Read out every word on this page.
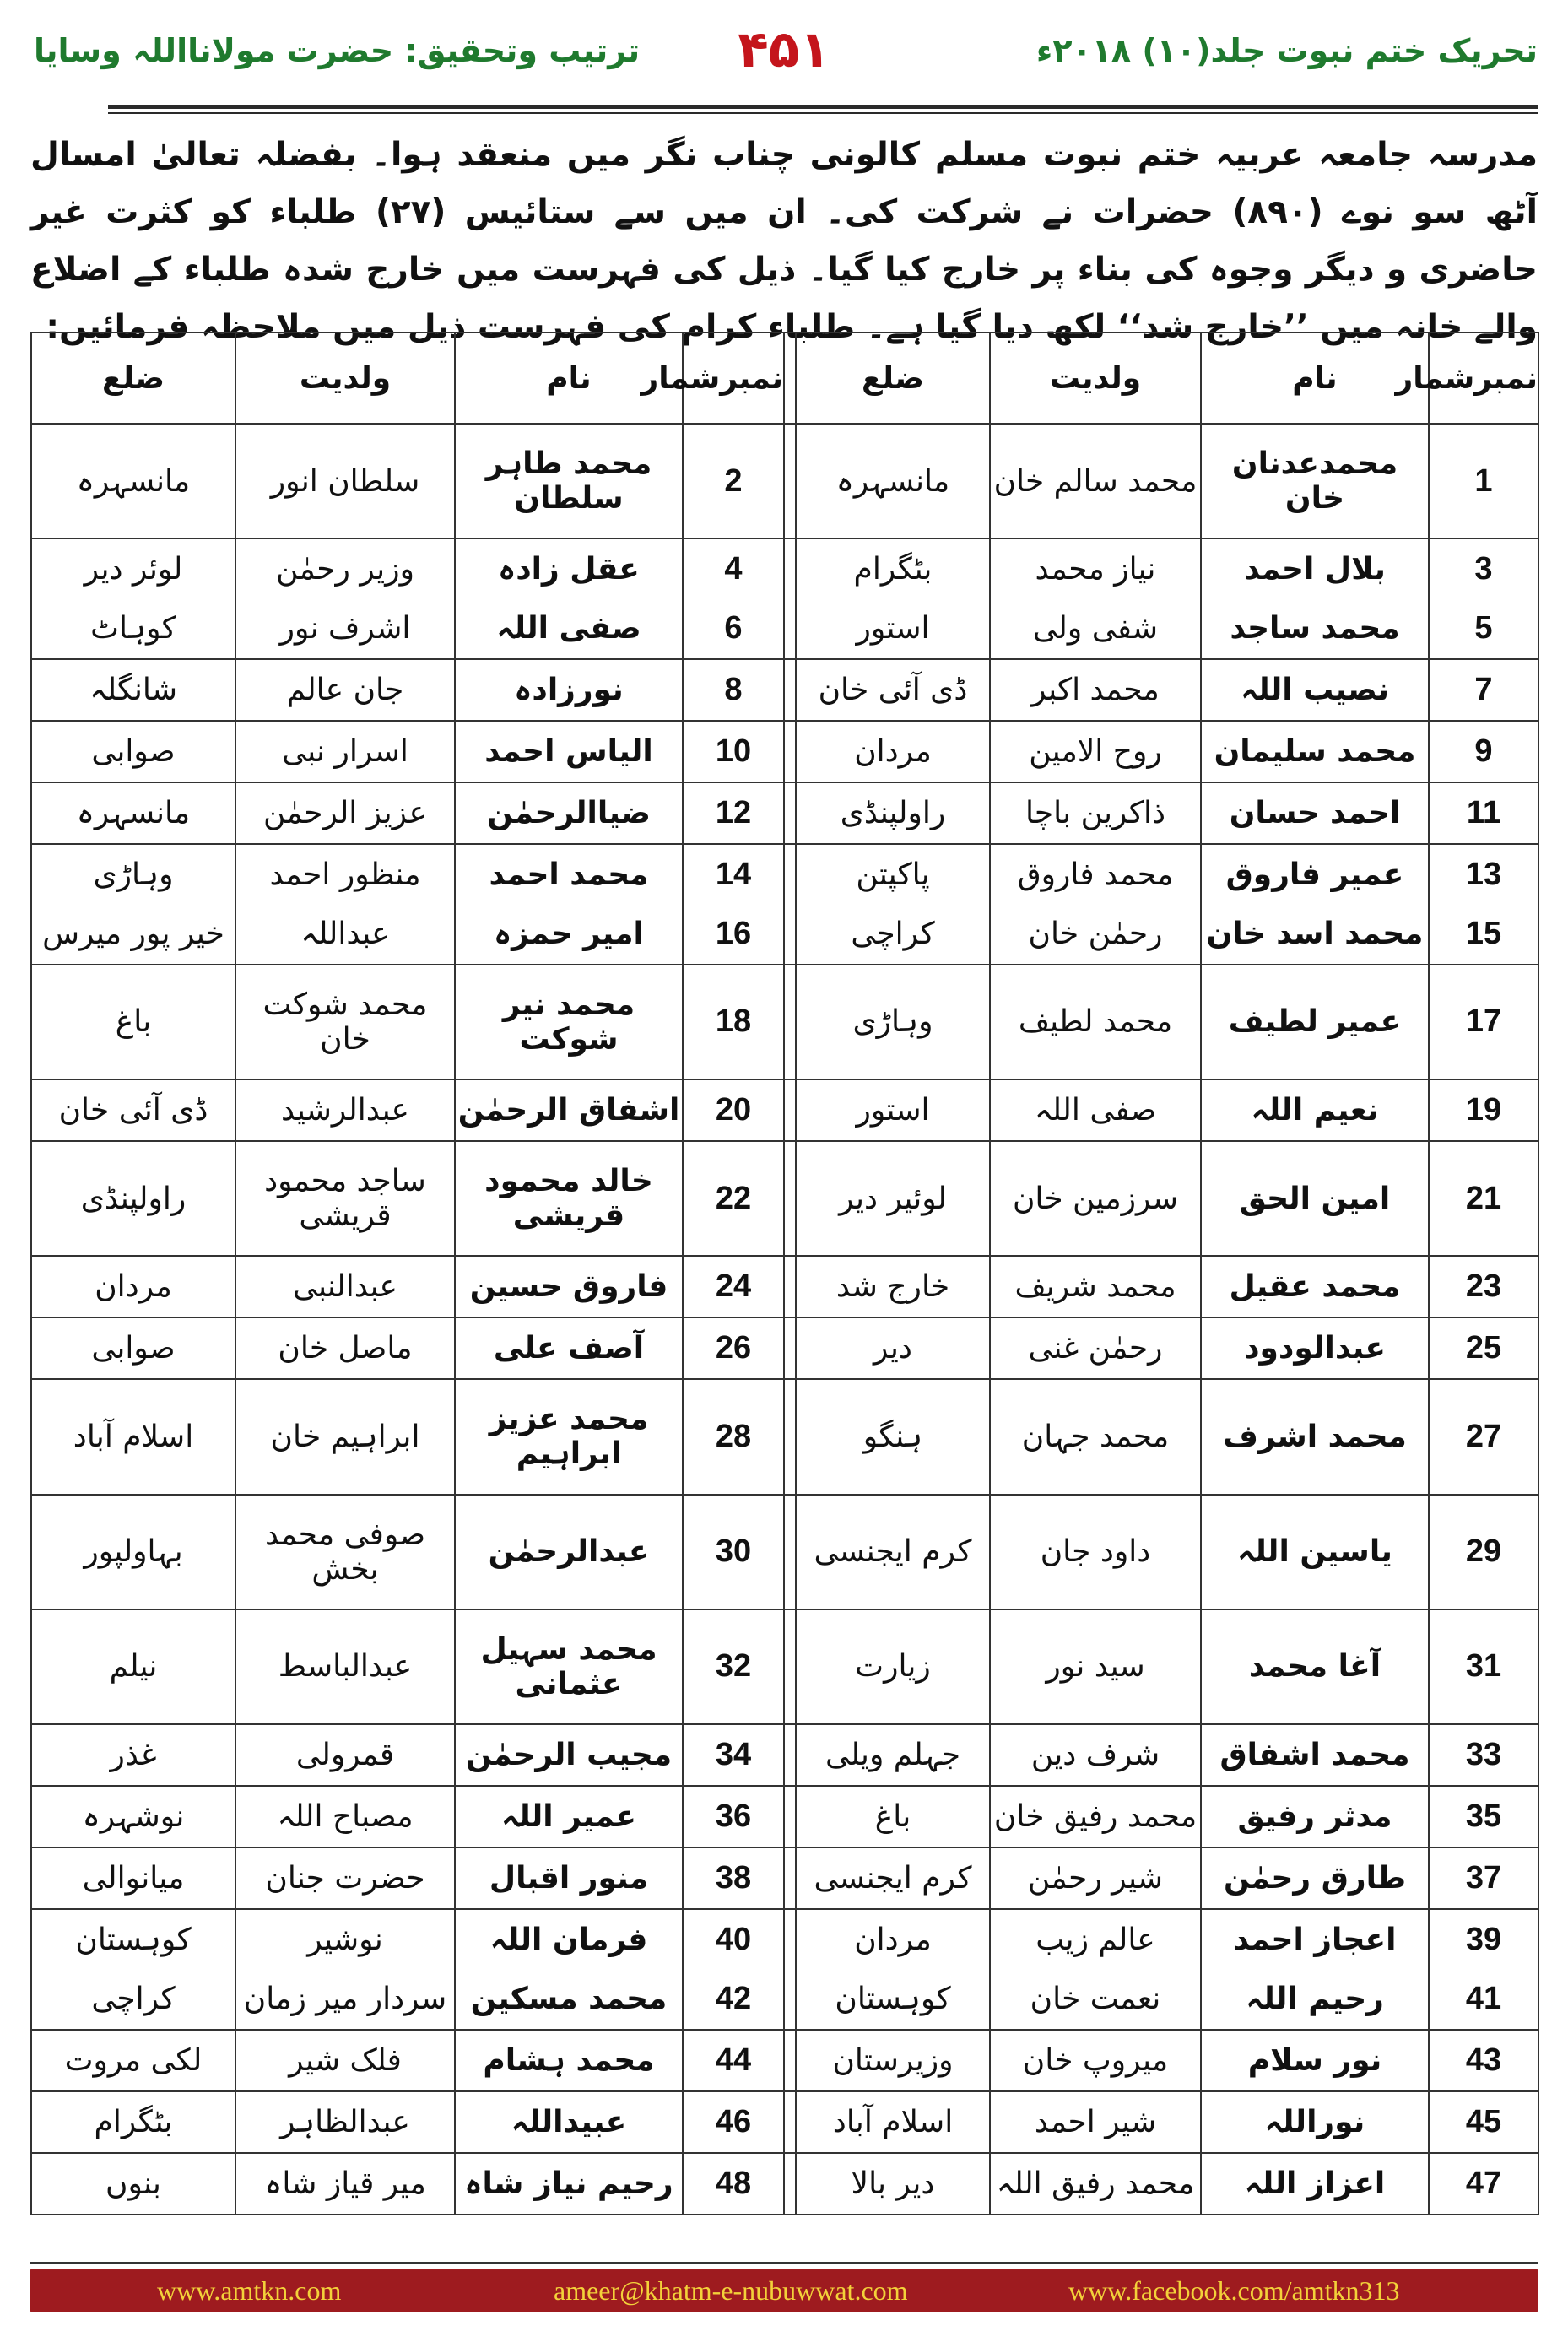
تحریک ختم نبوت جلد(۱۰) ۲۰۱۸ء
۴۵۱
ترتیب وتحقیق: حضرت مولانااللہ وسایا
مدرسہ جامعہ عربیہ ختم نبوت مسلم کالونی چناب نگر میں منعقد ہوا۔ بفضلہ تعالیٰ امسال آٹھ سو نوے (۸۹۰) حضرات نے شرکت کی۔ ان میں سے ستائیس (۲۷) طلباء کو کثرت غیر حاضری و دیگر وجوہ کی بناء پر خارج کیا گیا۔ ذیل کی فہرست میں خارج شدہ طلباء کے اضلاع والے خانہ میں ’’خارج شد‘‘ لکھ دیا گیا ہے۔ طلباء کرام کی فہرست ذیل میں ملاحظہ فرمائیں:
نمبرشمار	نام	ولدیت	ضلع		نمبرشمار	نام	ولدیت	ضلع
1	محمدعدنان خان	محمد سالم خان	مانسہرہ		2	محمد طاہر سلطان	سلطان انور	مانسہرہ
3	بلال احمد	نیاز محمد	بٹگرام		4	عقل زادہ	وزیر رحمٰن	لوئر دیر
5	محمد ساجد	شفی ولی	استور		6	صفی اللہ	اشرف نور	کوہاٹ
7	نصیب اللہ	محمد اکبر	ڈی آئی خان		8	نورزادہ	جان عالم	شانگلہ
9	محمد سلیمان	روح الامین	مردان		10	الیاس احمد	اسرار نبی	صوابی
11	احمد حسان	ذاکرین باچا	راولپنڈی		12	ضیاالرحمٰن	عزیز الرحمٰن	مانسہرہ
13	عمیر فاروق	محمد فاروق	پاکپتن		14	محمد احمد	منظور احمد	وہاڑی
15	محمد اسد خان	رحمٰن خان	کراچی		16	امیر حمزہ	عبداللہ	خیر پور میرس
17	عمیر لطیف	محمد لطیف	وہاڑی		18	محمد نیر شوکت	محمد شوکت خان	باغ
19	نعیم اللہ	صفی اللہ	استور		20	اشفاق الرحمٰن	عبدالرشید	ڈی آئی خان
21	امین الحق	سرزمین خان	لوئیر دیر		22	خالد محمود قریشی	ساجد محمود قریشی	راولپنڈی
23	محمد عقیل	محمد شریف	خارج شد		24	فاروق حسین	عبدالنبی	مردان
25	عبدالودود	رحمٰن غنی	دیر		26	آصف علی	ماصل خان	صوابی
27	محمد اشرف	محمد جہان	ہنگو		28	محمد عزیز ابراہیم	ابراہیم خان	اسلام آباد
29	یاسین اللہ	داود جان	کرم ایجنسی		30	عبدالرحمٰن	صوفی محمد بخش	بہاولپور
31	آغا محمد	سید نور	زیارت		32	محمد سہیل عثمانی	عبدالباسط	نیلم
33	محمد اشفاق	شرف دین	جہلم ویلی		34	مجیب الرحمٰن	قمرولی	غذر
35	مدثر رفیق	محمد رفیق خان	باغ		36	عمیر اللہ	مصباح اللہ	نوشہرہ
37	طارق رحمٰن	شیر رحمٰن	کرم ایجنسی		38	منور اقبال	حضرت جنان	میانوالی
39	اعجاز احمد	عالم زیب	مردان		40	فرمان اللہ	نوشیر	کوہستان
41	رحیم اللہ	نعمت خان	کوہستان		42	محمد مسکین	سردار میر زمان	کراچی
43	نور سلام	میروپ خان	وزیرستان		44	محمد ہشام	فلک شیر	لکی مروت
45	نوراللہ	شیر احمد	اسلام آباد		46	عبیداللہ	عبدالظاہر	بٹگرام
47	اعزاز اللہ	محمد رفیق اللہ	دیر بالا		48	رحیم نیاز شاہ	میر قیاز شاہ	بنوں
www.amtkn.com	ameer@khatm-e-nubuwwat.com	www.facebook.com/amtkn313
